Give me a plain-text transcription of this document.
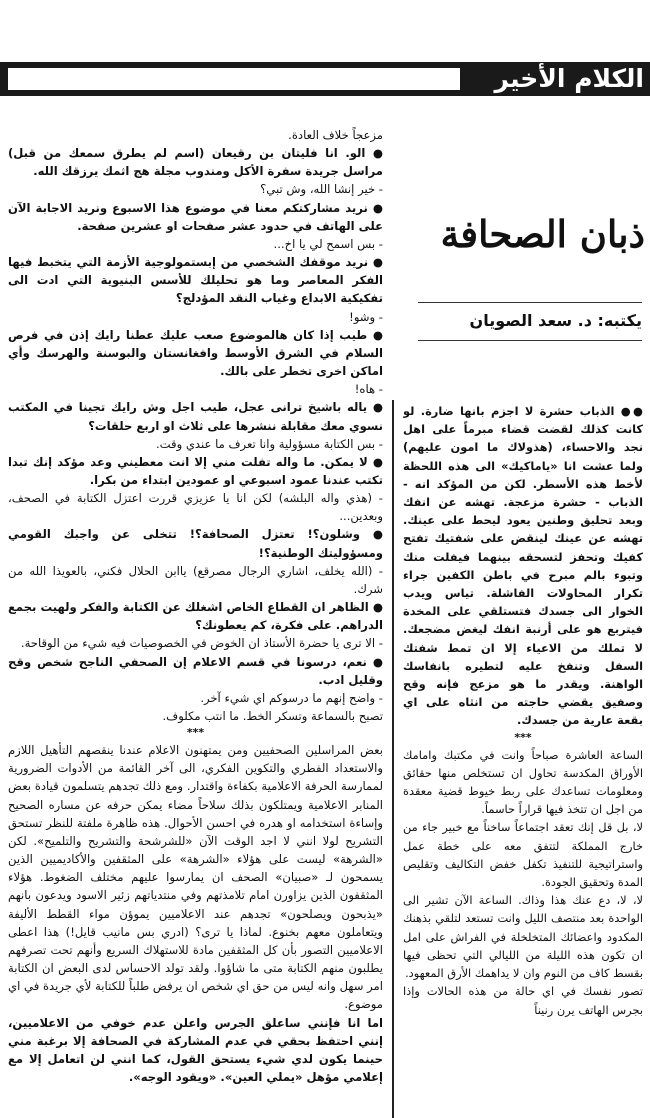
الكلام الأخير
ذبان الصحافة
يكتبه: د. سعد الصويان

●● الذباب حشرة لا اجزم بانها ضارة. لو كانت كذلك لقضت قضاء مبرماً على اهل نجد والاحساء، (هذولاك ما امون عليهم) ولما عشت انا «ياماكيك» الى هذه اللحظة لأخط هذه الأسطر. لكن من المؤكد انه - الذباب - حشرة مزعجة. تهشه عن انفك وبعد تحليق وطنين يعود ليحط على عينك. تهشه عن عينك لينقض على شفتيك تفتح كفيك وتحفز لتسحقه بينهما فيفلت منك وتبوء بالم مبرح في باطن الكفين جراء تكرار المحاولات الفاشلة. تياس ويدب الخوار الى جسدك فتستلقي على المخدة فيتربع هو على أرنبة انفك ليغض مضجعك. لا تملك من الاعياء إلا ان تمط شفتك السفل وتنفخ عليه لتطيره بانفاسك الواهنة. ويقدر ما هو مزعج فإنه وقح وصفيق يقضي حاجته من انثاه على اي بقعة عارية من جسدك.

***

الساعة العاشرة صباحاً وانت في مكتبك وامامك الأوراق المكدسة تحاول ان تستخلص منها حقائق ومعلومات تساعدك على ربط خيوط قضية معقدة من اجل ان تتخذ فيها قراراً حاسماً.

لا، بل قل إنك تعقد اجتماعاً ساخناً مع خبير جاء من خارج المملكة لتتفق معه على خطة عمل واستراتيجية للتنفيذ تكفل خفض التكاليف وتقليص المدة وتحقيق الجودة.

لا، لا، دع عنك هذا وذاك. الساعة الآن تشير الى الواحدة بعد منتصف الليل وانت تستعد لتلقي بذهنك المكدود واعضائك المتخلخلة في الفراش على امل ان تكون هذه الليلة من الليالي التي تحظى فيها بقسط كاف من النوم وان لا يداهمك الأرق المعهود.

تصور نفسك في اي حالة من هذه الحالات وإذا بجرس الهاتف يرن رنيناً

مزعجاً خلاف العادة.

● الو. انا فليتان بن رقيعان (اسم لم يطرق سمعك من قبل) مراسل جريدة سفرة الأكل ومندوب مجلة هج اثمك يرزقك الله.

- خير إنشا الله، وش تبي؟

● نريد مشاركتكم معنا في موضوع هذا الاسبوع ونريد الاجابة الآن على الهاتف في حدود عشر صفحات او عشرين صفحة.

- بس اسمح لي يا اخ...

● نريد موقفك الشخصي من إبستمولوجية الأزمة التي يتخبط فيها الفكر المعاصر وما هو تحليلك للأسس البنيوية التي ادت الى تفكيكية الابداع وغياب النقد المؤدلج؟

- وشو!

● طيب إذا كان هالموضوع صعب عليك عطنا رايك إذن في فرص السلام في الشرق الأوسط وافغانستان والبوسنة والهرسك وأي اماكن اخرى تخطر على بالك.

- هاه!

● ياله باشيخ ترانى عجل، طيب اجل وش رايك تجينا في المكتب نسوي معك مقابلة ننشرها على ثلاث او اربع حلقات؟

- بس الكتابة مسؤولية وانا تعرف ما عندي وقت.

● لا يمكن. ما واله تفلت مني إلا انت معطيني وعد مؤكد إنك تبدا تكتب عندنا عمود اسبوعي او عمودين ابتداء من بكرا.

- (هذي واله البلشه) لكن انا يا عزيزي قررت اعتزل الكتابة في الصحف، وبعدين...

● وشلون؟! تعتزل الصحافة؟! تتخلى عن واجبك القومي ومسؤوليتك الوطنية؟!

- (الله يخلف، اشاري الرجال مصرقع) ياابن الحلال فكني، بالعويذا الله من شرك.

● الظاهر ان القطاع الخاص اشغلك عن الكتابة والفكر ولهيت بجمع الدراهم. على فكرة، كم يعطونك؟

- الا ترى يا حضرة الأستاذ ان الخوض في الخصوصيات فيه شيء من الوقاحة.

● نعم، درسونا في قسم الاعلام إن الصحفي الناجح شخص وقح وقليل ادب.

- واضح إنهم ما درسوكم اي شيء آخر.

تصبح بالسماعة وتسكر الخط. ما انتب مكلوف.

***

بعض المراسلين الصحفيين ومن يمتهنون الاعلام عندنا ينقصهم التأهيل اللازم والاستعداد الفطري والتكوين الفكري، الى آخر القائمة من الأدوات الضرورية لممارسة الحرفة الاعلامية بكفاءة واقتدار. ومع ذلك تجدهم يتسلمون قيادة بعض المنابر الاعلامية ويمتلكون بذلك سلاحاً مضاء يمكن حرفه عن مساره الصحيح وإساءة استخدامه او هدره في احسن الأحوال. هذه ظاهرة ملفتة للنظر تستحق التشريح لولا انني لا اجد الوقت الآن «للشرشحة والتشريح والتلميح». لكن «الشرهة» ليست على هؤلاء «الشرهة» على المثقفين والأكاديميين الذين يسمحون لـ «صبيان» الصحف ان يمارسوا عليهم مختلف الضغوط. هؤلاء المثقفون الذين يزاورن امام تلامذتهم وفي منتدياتهم زئير الاسود ويدعون بانهم «يذبحون ويصلحون» تجدهم عند الاعلاميين يموؤن مواء القطط الأليفة ويتعاملون معهم بخنوع. لماذا يا ترى؟ (ادري بس مانيب قايل!) هذا اعطى الاعلاميين التصور بأن كل المثقفين مادة للاستهلاك السريع وأنهم تحت تصرفهم يطلبون منهم الكتابة متى ما شاؤوا. ولقد تولد الاحساس لدى البعض ان الكتابة امر سهل وانه ليس من حق اي شخص ان يرفض طلباً للكتابة لأي جريدة في اي موضوع.

اما انا فإنني ساعلق الجرس واعلن عدم خوفي من الاعلاميين، إنني احتفظ بحقي في عدم المشاركة في الصحافة إلا برغبة مني حينما يكون لدي شيء يستحق القول، كما انني لن اتعامل إلا مع إعلامي مؤهل «يملي العين». «ويقود الوجه».
